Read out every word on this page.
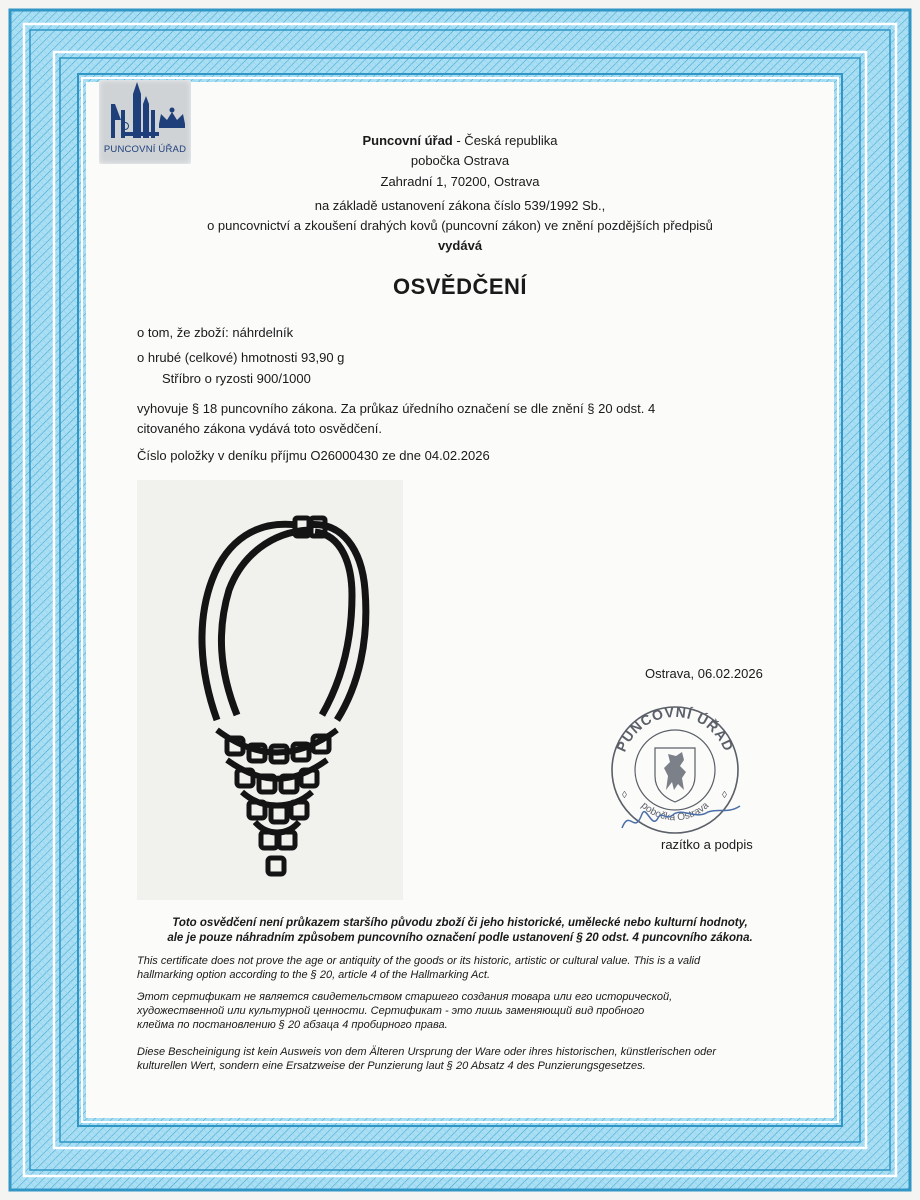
PUNCOVNÍ ÚŘAD
Puncovní úřad - Česká republika
pobočka Ostrava
Zahradní 1, 70200, Ostrava
na základě ustanovení zákona číslo 539/1992 Sb.,
o puncovnictví a zkoušení drahých kovů (puncovní zákon) ve znění pozdějších předpisů
vydává
OSVĚDČENÍ
o tom, že zboží: náhrdelník
o hrubé (celkové) hmotnosti 93,90 g
Stříbro o ryzosti 900/1000
vyhovuje § 18 puncovního zákona. Za průkaz úředního označení se dle znění § 20 odst. 4
citovaného zákona vydává toto osvědčení.
Číslo položky v deníku příjmu O26000430 ze dne 04.02.2026
Ostrava, 06.02.2026
PUNCOVNÍ ÚŘAD
pobočka Ostrava
◊	◊
razítko a podpis
Toto osvědčení není průkazem staršího původu zboží či jeho historické, umělecké nebo kulturní hodnoty,
ale je pouze náhradním způsobem puncovního označení podle ustanovení § 20 odst. 4 puncovního zákona.
This certificate does not prove the age or antiquity of the goods or its historic, artistic or cultural value. This is a valid
hallmarking option according to the § 20, article 4 of the Hallmarking Act.
Этот сертификат не является свидетельством старшего создания товара или его исторической,
художественной или культурной ценности. Сертификат - это лишь заменяющий вид пробного
клейма по постановлению § 20 абзаца 4 пробирного права.
Diese Bescheinigung ist kein Ausweis von dem Älteren Ursprung der Ware oder ihres historischen, künstlerischen oder
kulturellen Wert, sondern eine Ersatzweise der Punzierung laut § 20 Absatz 4 des Punzierungsgesetzes.
